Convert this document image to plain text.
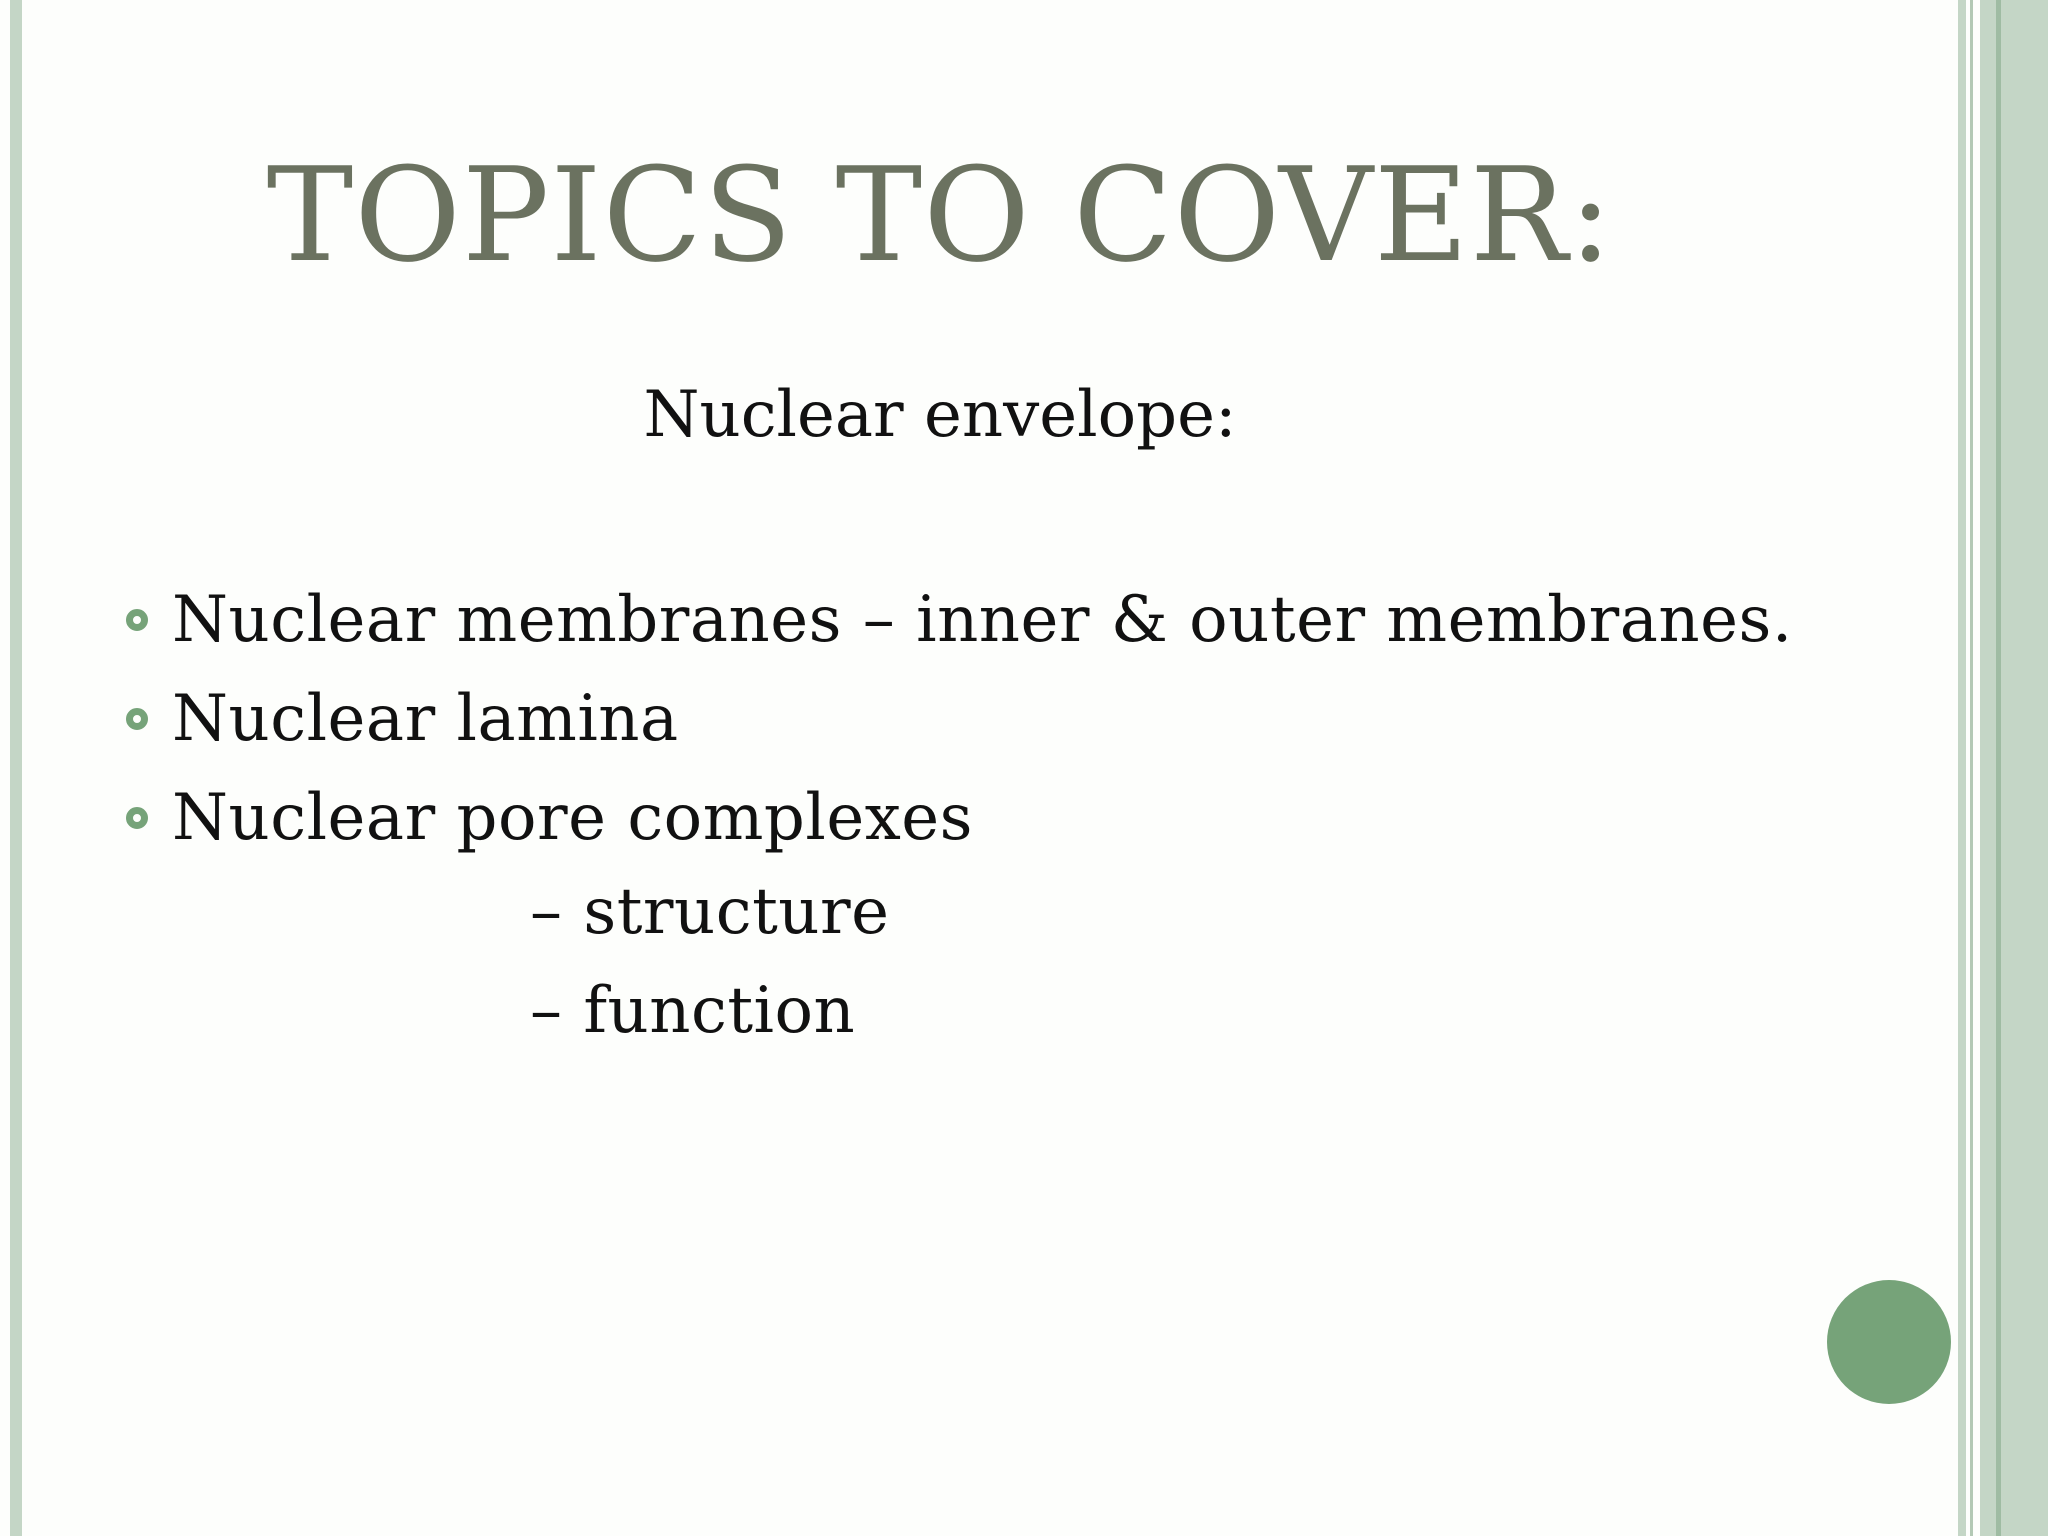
TOPICS TO COVER:
Nuclear envelope:
Nuclear membranes – inner & outer membranes.
Nuclear lamina
Nuclear pore complexes
– structure
– function
